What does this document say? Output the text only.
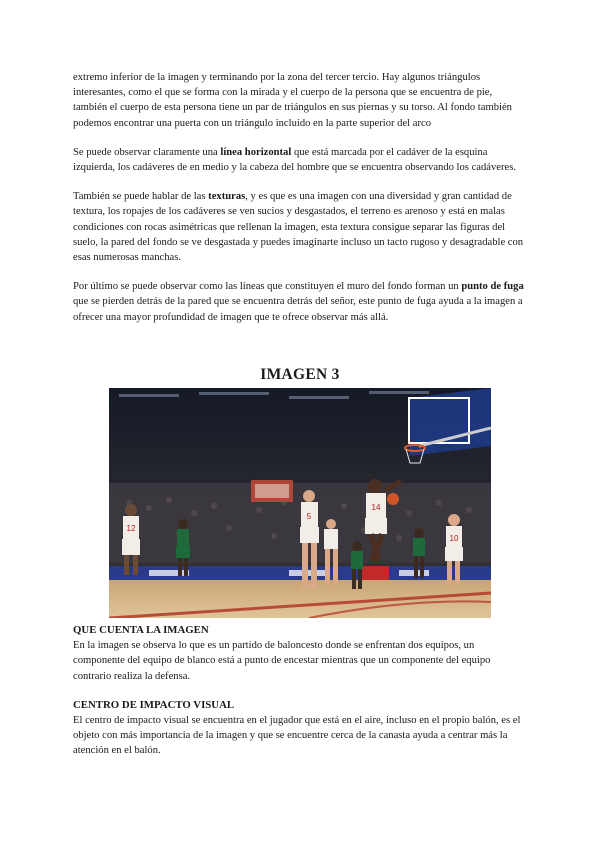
extremo inferior de la imagen y terminando por la zona del tercer tercio. Hay algunos triángulos interesantes, como el que se forma con la mirada y el cuerpo de la persona que se encuentra de pie, también el cuerpo de esta persona tiene un par de triángulos en sus piernas y su torso. Al fondo también podemos encontrar una puerta con un triángulo incluido en la parte superior del arco

Se puede observar claramente una línea horizontal que está marcada por el cadáver de la esquina izquierda, los cadáveres de en medio y la cabeza del hombre que se encuentra observando los cadáveres.

También se puede hablar de las texturas, y es que es una imagen con una diversidad y gran cantidad de textura, los ropajes de los cadáveres se ven sucios y desgastados, el terreno es arenoso y está en malas condiciones con rocas asimétricas que rellenan la imagen, esta textura consigue separar las figuras del suelo, la pared del fondo se ve desgastada y puedes imaginarte incluso un tacto rugoso y desagradable con esas numerosas manchas.

Por último se puede observar como las líneas que constituyen el muro del fondo forman un punto de fuga que se pierden detrás de la pared que se encuentra detrás del señor, este punto de fuga ayuda a la imagen a ofrecer una mayor profundidad de imagen que te ofrece observar más allá.

IMAGEN 3
12
5
14
10

QUE CUENTA LA IMAGEN

En la imagen se observa lo que es un partido de baloncesto donde se enfrentan dos equipos, un componente del equipo de blanco está a punto de encestar mientras que un componente del equipo contrario realiza la defensa.

CENTRO DE IMPACTO VISUAL

El centro de impacto visual se encuentra en el jugador que está en el aire, incluso en el propio balón, es el objeto con más importancia de la imagen y que se encuentre cerca de la canasta ayuda a centrar más la atención en el balón.
